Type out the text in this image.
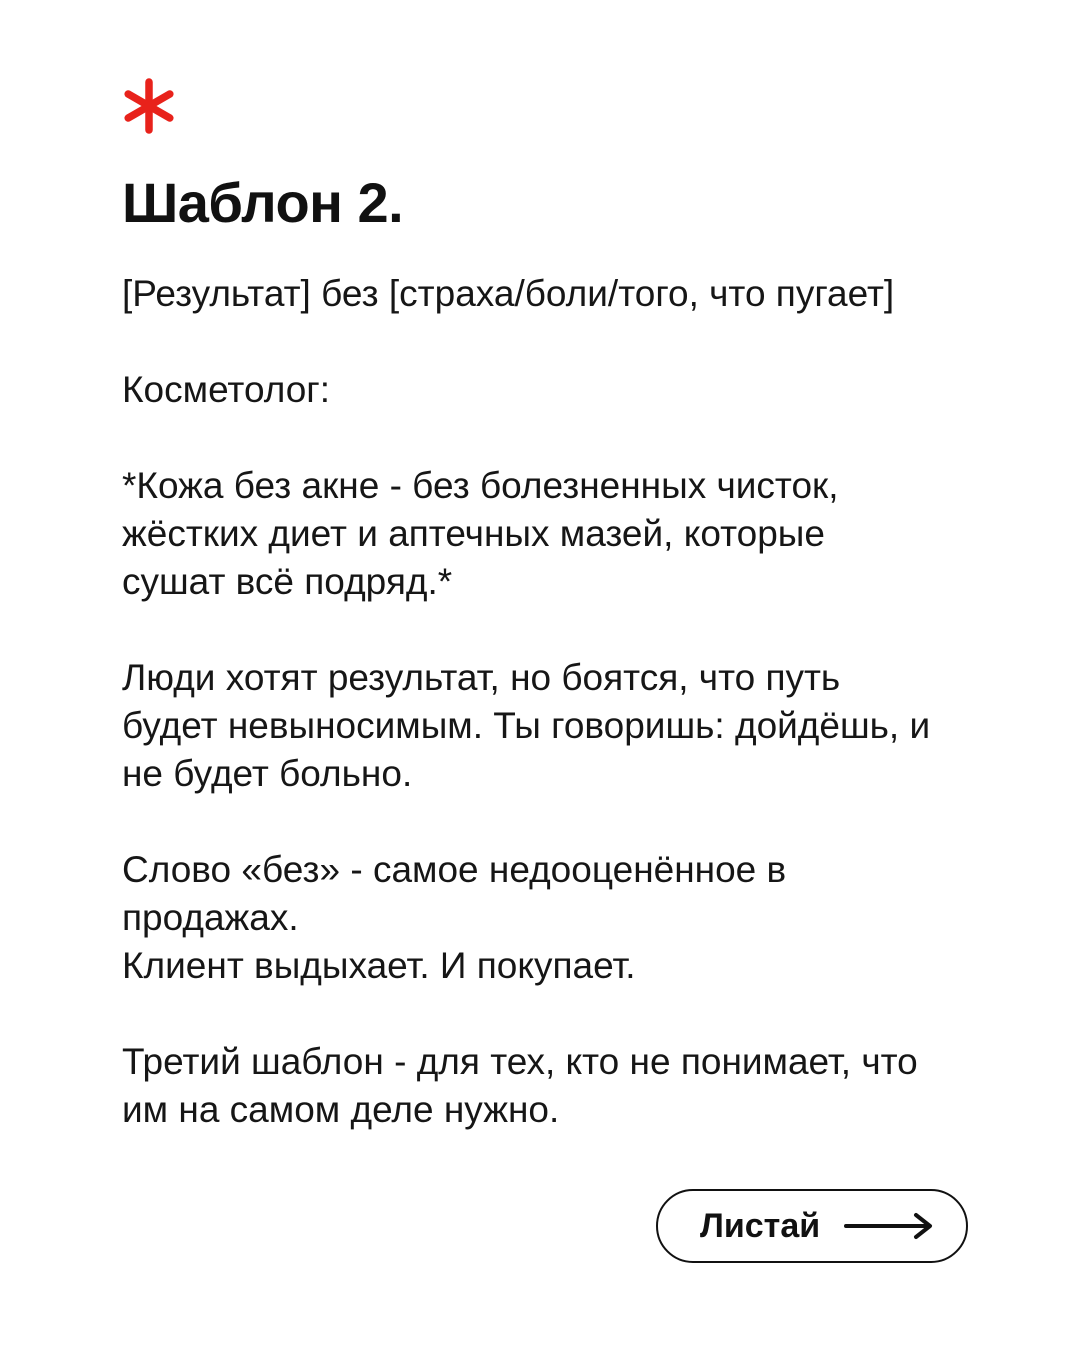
Шаблон 2.

[Результат] без [страха/боли/того, что пугает]

Косметолог:

*Кожа без акне - без болезненных чисток,
жёстких диет и аптечных мазей, которые
сушат всё подряд.*

Люди хотят результат, но боятся, что путь
будет невыносимым. Ты говоришь: дойдёшь, и
не будет больно.

Слово «без» - самое недооценённое в
продажах.
Клиент выдыхает. И покупает.

Третий шаблон - для тех, кто не понимает, что
им на самом деле нужно.

Листай
